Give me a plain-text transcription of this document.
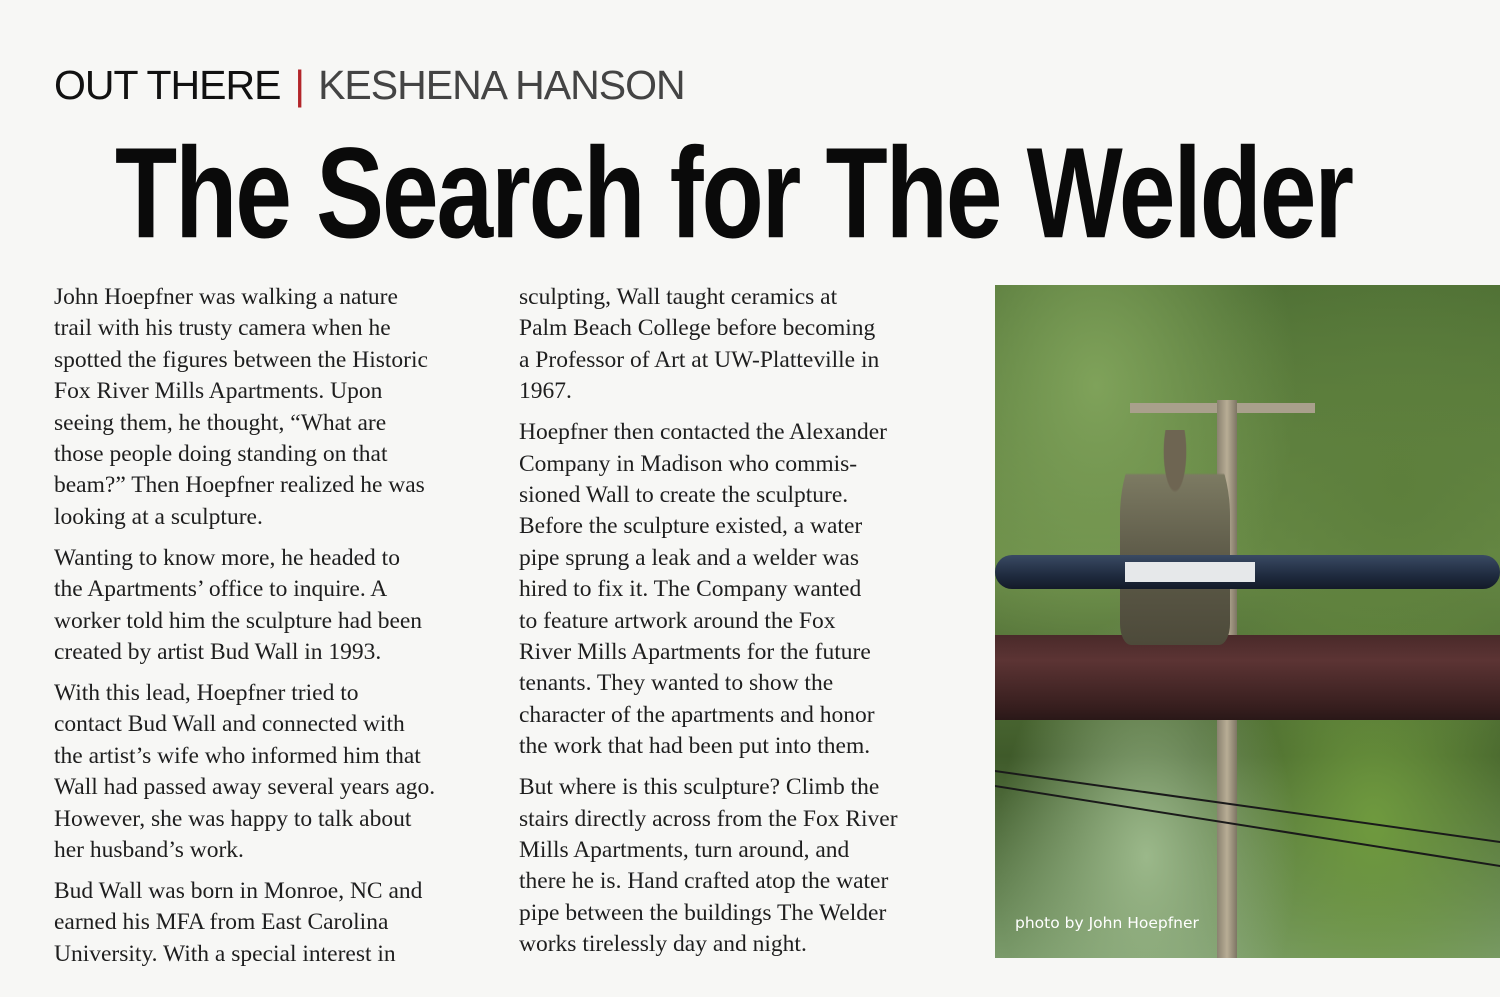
OUT THERE | KESHENA HANSON
The Search for The Welder
John Hoepfner was walking a nature
trail with his trusty camera when he
spotted the figures between the Historic
Fox River Mills Apartments. Upon
seeing them, he thought, “What are
those people doing standing on that
beam?” Then Hoepfner realized he was
looking at a sculpture.
Wanting to know more, he headed to
the Apartments’ office to inquire. A
worker told him the sculpture had been
created by artist Bud Wall in 1993.
With this lead, Hoepfner tried to
contact Bud Wall and connected with
the artist’s wife who informed him that
Wall had passed away several years ago.
However, she was happy to talk about
her husband’s work.
Bud Wall was born in Monroe, NC and
earned his MFA from East Carolina
University. With a special interest in
sculpting, Wall taught ceramics at
Palm Beach College before becoming
a Professor of Art at UW-Platteville in
1967.
Hoepfner then contacted the Alexander
Company in Madison who commis-
sioned Wall to create the sculpture.
Before the sculpture existed, a water
pipe sprung a leak and a welder was
hired to fix it. The Company wanted
to feature artwork around the Fox
River Mills Apartments for the future
tenants. They wanted to show the
character of the apartments and honor
the work that had been put into them.
But where is this sculpture? Climb the
stairs directly across from the Fox River
Mills Apartments, turn around, and
there he is. Hand crafted atop the water
pipe between the buildings The Welder
works tirelessly day and night.
photo by John Hoepfner
